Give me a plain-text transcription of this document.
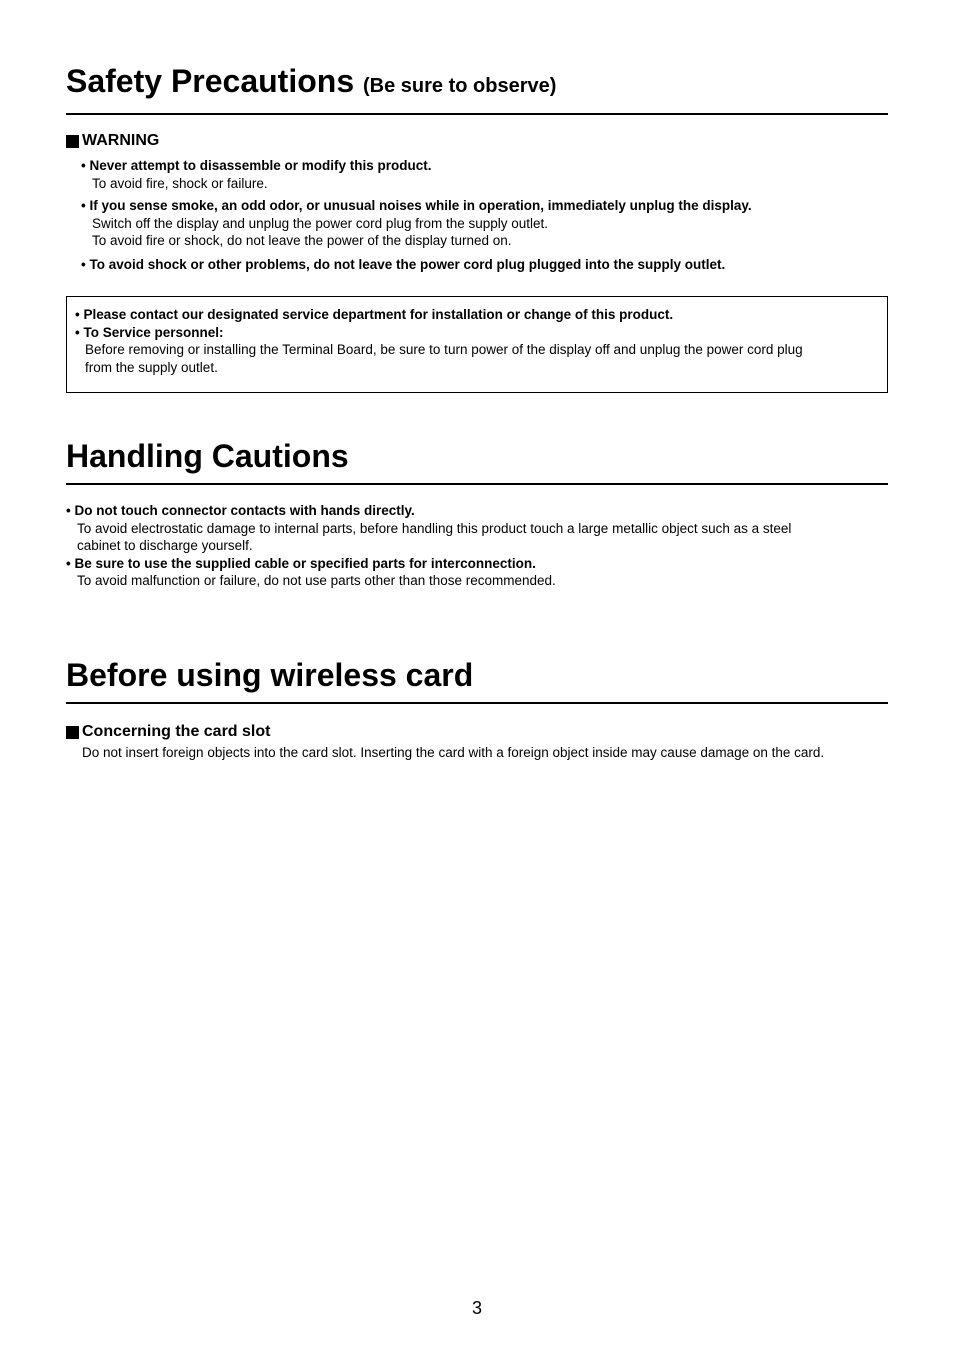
Safety Precautions (Be sure to observe)
WARNING
• Never attempt to disassemble or modify this product.
To avoid fire, shock or failure.
• If you sense smoke, an odd odor, or unusual noises while in operation, immediately unplug the display.
Switch off the display and unplug the power cord plug from the supply outlet.
To avoid fire or shock, do not leave the power of the display turned on.
• To avoid shock or other problems, do not leave the power cord plug plugged into the supply outlet.
• Please contact our designated service department for installation or change of this product.
• To Service personnel:
Before removing or installing the Terminal Board, be sure to turn power of the display off and unplug the power cord plug
from the supply outlet.
Handling Cautions
• Do not touch connector contacts with hands directly.
To avoid electrostatic damage to internal parts, before handling this product touch a large metallic object such as a steel
cabinet to discharge yourself.
• Be sure to use the supplied cable or specified parts for interconnection.
To avoid malfunction or failure, do not use parts other than those recommended.
Before using wireless card
Concerning the card slot
Do not insert foreign objects into the card slot. Inserting the card with a foreign object inside may cause damage on the card.
3
